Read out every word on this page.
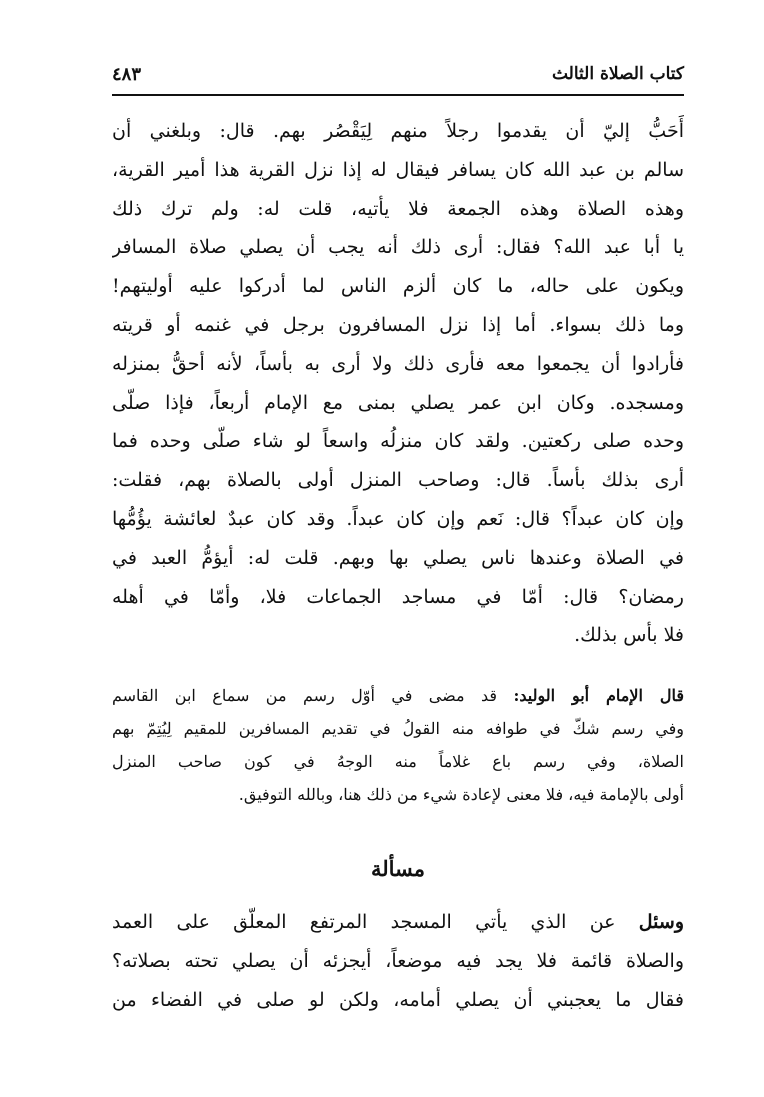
كتاب الصلاة الثالث
٤٨٣
أَحَبُّ إليّ أن يقدموا رجلاً منهم لِيَقْصُر بهم. قال: وبلغني أن
سالم بن عبد الله كان يسافر فيقال له إذا نزل القرية هذا أمير القرية،
وهذه الصلاة وهذه الجمعة فلا يأتيه، قلت له: ولم ترك ذلك
يا أبا عبد الله؟ فقال: أرى ذلك أنه يجب أن يصلي صلاة المسافر
ويكون على حاله، ما كان ألزم الناس لما أدركوا عليه أوليتهم!
وما ذلك بسواء. أما إذا نزل المسافرون برجل في غنمه أو قريته
فأرادوا أن يجمعوا معه فأرى ذلك ولا أرى به بأساً، لأنه أحقُّ بمنزله
ومسجده. وكان ابن عمر يصلي بمنى مع الإمام أربعاً، فإذا صلّى
وحده صلى ركعتين. ولقد كان منزلُه واسعاً لو شاء صلّى وحده فما
أرى بذلك بأساً. قال: وصاحب المنزل أولى بالصلاة بهم، فقلت:
وإن كان عبداً؟ قال: نَعم وإن كان عبداً. وقد كان عبدٌ لعائشة يؤُمُّها
في الصلاة وعندها ناس يصلي بها وبهم. قلت له: أيؤمُّ العبد في
رمضان؟ قال: أمّا في مساجد الجماعات فلا، وأمّا في أهله
فلا بأس بذلك.
قال الإمام أبو الوليد: قد مضى في أوّل رسم من سماع ابن القاسم
وفي رسم شكّ في طوافه منه القولُ في تقديم المسافرين للمقيم لِيُتِمّ بهم
الصلاة، وفي رسم باع غلاماً منه الوجهُ في كون صاحب المنزل
أولى بالإمامة فيه، فلا معنى لإعادة شيء من ذلك هنا، وبالله التوفيق.
مسألة
وسئل عن الذي يأتي المسجد المرتفع المعلّق على العمد
والصلاة قائمة فلا يجد فيه موضعاً، أيجزئه أن يصلي تحته بصلاته؟
فقال ما يعجبني أن يصلي أمامه، ولكن لو صلى في الفضاء من
